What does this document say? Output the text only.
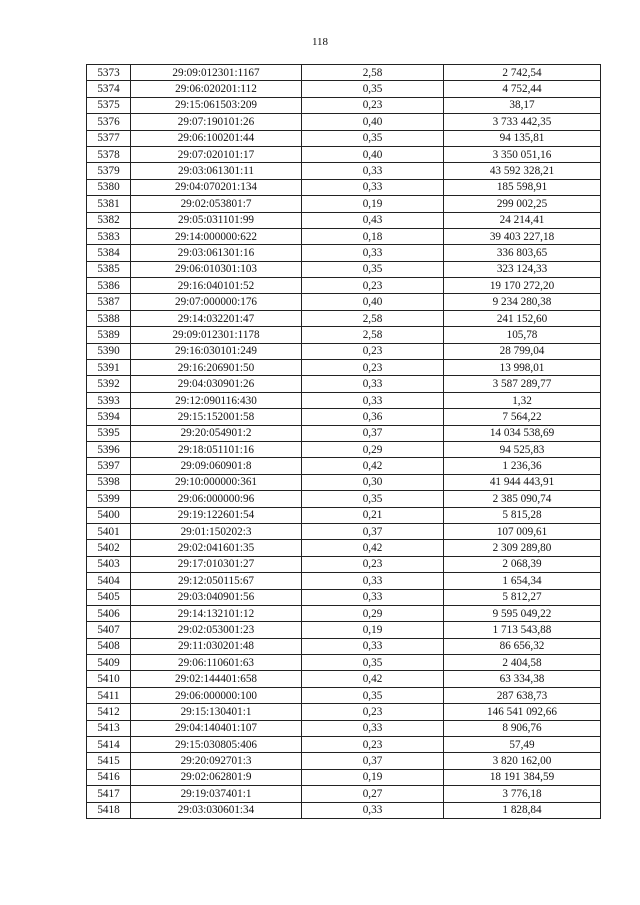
118
5373	29:09:012301:1167	2,58	2 742,54
5374	29:06:020201:112	0,35	4 752,44
5375	29:15:061503:209	0,23	38,17
5376	29:07:190101:26	0,40	3 733 442,35
5377	29:06:100201:44	0,35	94 135,81
5378	29:07:020101:17	0,40	3 350 051,16
5379	29:03:061301:11	0,33	43 592 328,21
5380	29:04:070201:134	0,33	185 598,91
5381	29:02:053801:7	0,19	299 002,25
5382	29:05:031101:99	0,43	24 214,41
5383	29:14:000000:622	0,18	39 403 227,18
5384	29:03:061301:16	0,33	336 803,65
5385	29:06:010301:103	0,35	323 124,33
5386	29:16:040101:52	0,23	19 170 272,20
5387	29:07:000000:176	0,40	9 234 280,38
5388	29:14:032201:47	2,58	241 152,60
5389	29:09:012301:1178	2,58	105,78
5390	29:16:030101:249	0,23	28 799,04
5391	29:16:206901:50	0,23	13 998,01
5392	29:04:030901:26	0,33	3 587 289,77
5393	29:12:090116:430	0,33	1,32
5394	29:15:152001:58	0,36	7 564,22
5395	29:20:054901:2	0,37	14 034 538,69
5396	29:18:051101:16	0,29	94 525,83
5397	29:09:060901:8	0,42	1 236,36
5398	29:10:000000:361	0,30	41 944 443,91
5399	29:06:000000:96	0,35	2 385 090,74
5400	29:19:122601:54	0,21	5 815,28
5401	29:01:150202:3	0,37	107 009,61
5402	29:02:041601:35	0,42	2 309 289,80
5403	29:17:010301:27	0,23	2 068,39
5404	29:12:050115:67	0,33	1 654,34
5405	29:03:040901:56	0,33	5 812,27
5406	29:14:132101:12	0,29	9 595 049,22
5407	29:02:053001:23	0,19	1 713 543,88
5408	29:11:030201:48	0,33	86 656,32
5409	29:06:110601:63	0,35	2 404,58
5410	29:02:144401:658	0,42	63 334,38
5411	29:06:000000:100	0,35	287 638,73
5412	29:15:130401:1	0,23	146 541 092,66
5413	29:04:140401:107	0,33	8 906,76
5414	29:15:030805:406	0,23	57,49
5415	29:20:092701:3	0,37	3 820 162,00
5416	29:02:062801:9	0,19	18 191 384,59
5417	29:19:037401:1	0,27	3 776,18
5418	29:03:030601:34	0,33	1 828,84
